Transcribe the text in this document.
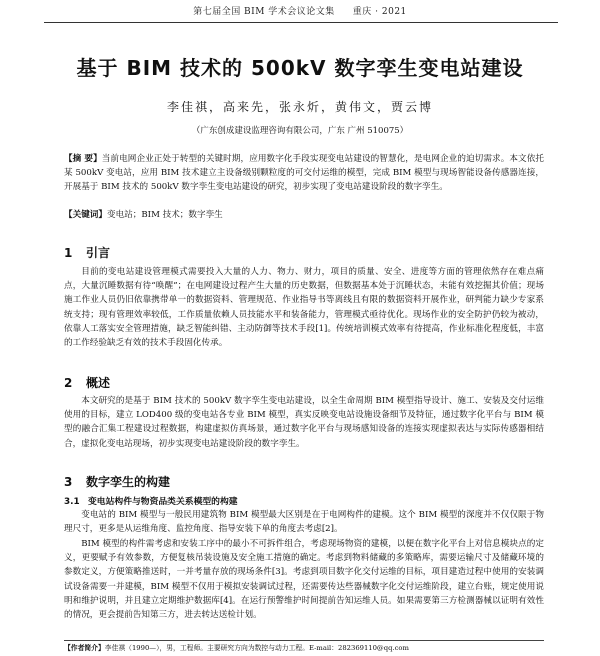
第七届全国 BIM 学术会议论文集 重庆 · 2021
基于 BIM 技术的 500kV 数字孪生变电站建设
李佳祺，高来先，张永炘，黄伟文，贾云博
（广东创成建设监理咨询有限公司，广东 广州 510075）
【摘 要】当前电网企业正处于转型的关键时期，应用数字化手段实现变电站建设的智慧化，是电网企业的迫切需求。本文依托某 500kV 变电站，应用 BIM 技术建立主设备级别颗粒度的可交付运维的模型，完成 BIM 模型与现场智能设备传感器连接，开展基于 BIM 技术的 500kV 数字孪生变电站建设的研究，初步实现了变电站建设阶段的数字孪生。
【关键词】变电站；BIM 技术；数字孪生
1 引言
目前的变电站建设管理模式需要投入大量的人力、物力、财力，项目的质量、安全、进度等方面的管理依然存在难点痛点，大量沉睡数据有待“唤醒”；在电网建设过程产生大量的历史数据，但数据基本处于沉睡状态，未能有效挖掘其价值；现场施工作业人员仍旧依靠携带单一的数据资料、管理规范、作业指导书等离线且有限的数据资料开展作业，研判能力缺少专家系统支持；现有管理效率较低，工作质量依赖人员技能水平和装备能力，管理模式亟待优化。现场作业的安全防护仍较为被动，依靠人工落实安全管理措施，缺乏智能纠错、主动防御等技术手段[1]。传统培训模式效率有待提高，作业标准化程度低，丰富的工作经验缺乏有效的技术手段固化传承。
2 概述
本文研究的是基于 BIM 技术的 500kV 数字孪生变电站建设，以全生命周期 BIM 模型指导设计、施工、安装及交付运维使用的目标，建立 LOD400 级的变电站各专业 BIM 模型，真实反映变电站设施设备细节及特征，通过数字化平台与 BIM 模型的融合汇集工程建设过程数据，构建虚拟仿真场景，通过数字化平台与现场感知设备的连接实现虚拟表达与实际传感器相结合，虚拟化变电站现场，初步实现变电站建设阶段的数字孪生。
3 数字孪生的构建
3.1 变电站构件与物资品类关系模型的构建
变电站的 BIM 模型与一般民用建筑物 BIM 模型最大区别是在于电网构件的建模。这个 BIM 模型的深度并不仅仅限于物理尺寸，更多是从运维角度、监控角度、指导安装下单的角度去考虑[2]。
BIM 模型的构件需考虑和安装工序中的最小不可拆件组合，考虑现场物资的建模，以便在数字化平台上对信息模块点的定义，更要赋予有效参数，方便复核吊装设施及安全施工措施的确定。考虑到物料储藏的多策略库，需要运输尺寸及储藏环境的参数定义，方便策略推送时，一并考量存放的现场条件[3]。考虑到项目数字化交付运维的目标，项目建造过程中使用的安装调试设备需要一并建模，BIM 模型不仅用于模拟安装调试过程，还需要传达些器械数字化交付运维阶段，建立台账，规定使用说明和维护说明，并且建立定期维护数据库[4]。在运行预警维护时间提前告知运维人员。如果需要第三方检测器械以证明有效性的情况，更会提前告知第三方，进去转达送检计划。
【作者简介】李佳祺（1990—），男，工程师。主要研究方向为数控与动力工程。E-mail：282369110@qq.com
